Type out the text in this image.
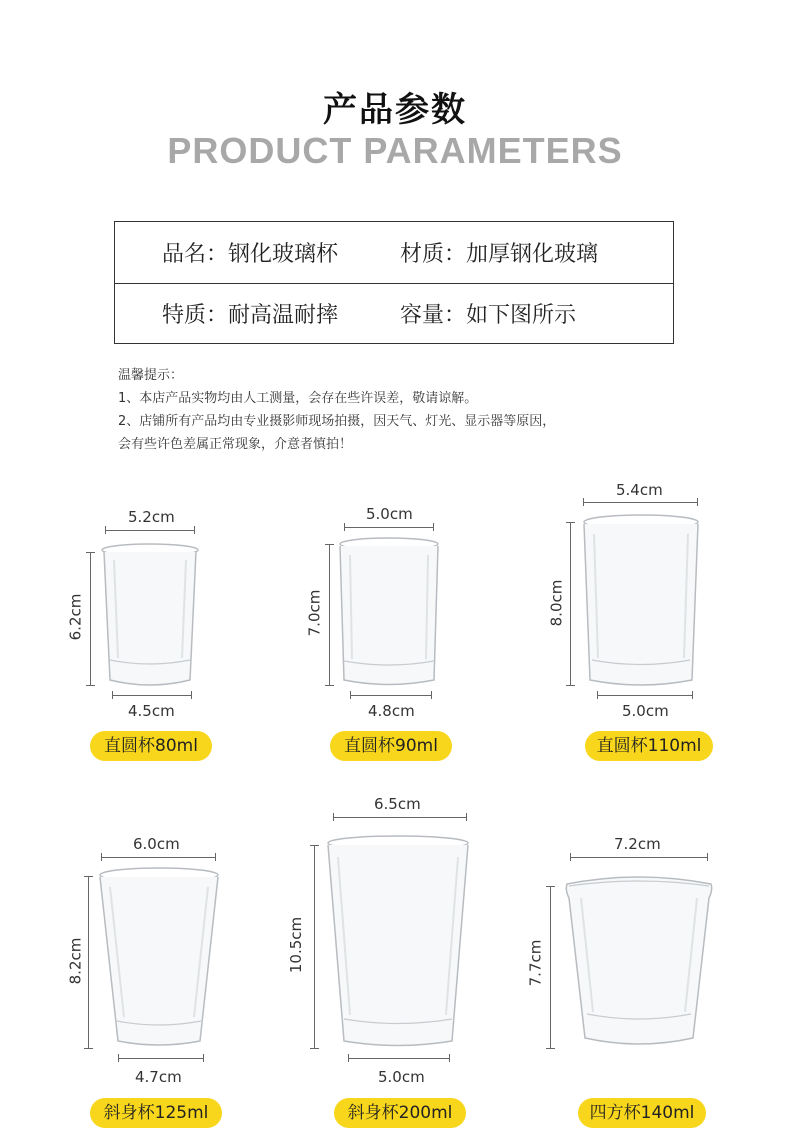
产品参数
PRODUCT PARAMETERS
品名：钢化玻璃杯	材质：加厚钢化玻璃
特质：耐高温耐摔	容量：如下图所示
温馨提示：
1、本店产品实物均由人工测量，会存在些许误差，敬请谅解。
2、店铺所有产品均由专业摄影师现场拍摄，因天气、灯光、显示器等原因，
会有些许色差属正常现象，介意者慎拍！
5.2cm
6.2cm
4.5cm
直圆杯80ml
5.0cm
7.0cm
4.8cm
直圆杯90ml
5.4cm
8.0cm
5.0cm
直圆杯110ml
6.0cm
8.2cm
4.7cm
斜身杯125ml
6.5cm
10.5cm
5.0cm
斜身杯200ml
7.2cm
7.7cm
四方杯140ml
